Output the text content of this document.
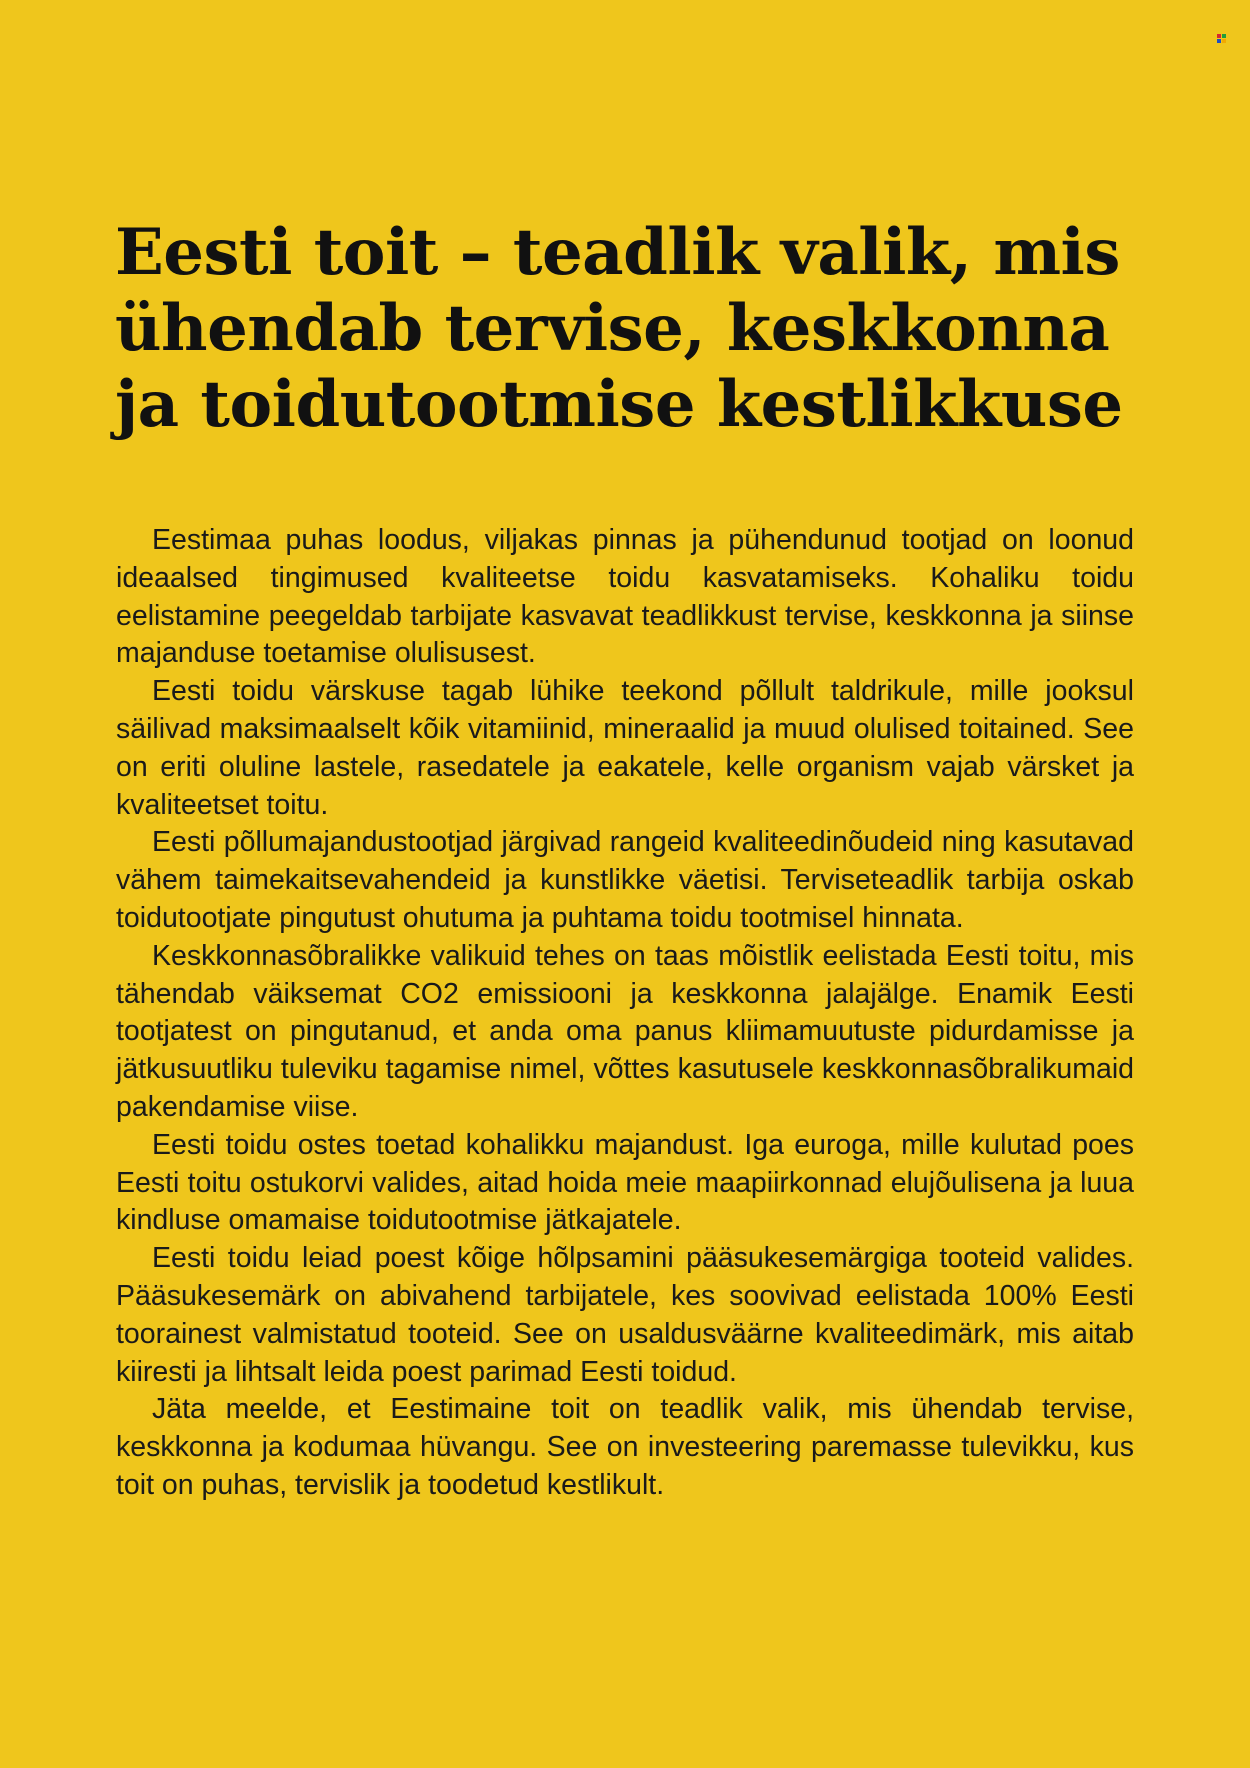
Eesti toit – teadlik valik, mis
ühendab tervise, keskkonna
ja toidutootmise kestlikkuse

Eestimaa puhas loodus, viljakas pinnas ja pühendunud tootjad on loonud ideaalsed tingimused kvaliteetse toidu kasvatamiseks. Kohaliku toidu eelistamine peegeldab tarbijate kasvavat teadlikkust tervise, keskkonna ja siinse majanduse toetamise olulisusest.

Eesti toidu värskuse tagab lühike teekond põllult taldrikule, mille jooksul säilivad maksimaalselt kõik vitamiinid, mineraalid ja muud olulised toitained. See on eriti oluline lastele, rasedatele ja eakatele, kelle organism vajab värsket ja kvaliteetset toitu.

Eesti põllumajandustootjad järgivad rangeid kvaliteedinõudeid ning kasutavad vähem taimekaitsevahendeid ja kunstlikke väetisi. Terviseteadlik tarbija oskab toidutootjate pingutust ohutuma ja puhtama toidu tootmisel hinnata.

Keskkonnasõbralikke valikuid tehes on taas mõistlik eelistada Eesti toitu, mis tähendab väiksemat CO2 emissiooni ja keskkonna jalajälge. Enamik Eesti tootjatest on pingutanud, et anda oma panus kliimamuutuste pidurdamisse ja jätkusuutliku tuleviku tagamise nimel, võttes kasutusele keskkonnasõbralikumaid pakendamise viise.

Eesti toidu ostes toetad kohalikku majandust. Iga euroga, mille kulutad poes Eesti toitu ostukorvi valides, aitad hoida meie maapiirkonnad elujõulisena ja luua kindluse omamaise toidutootmise jätkajatele.

Eesti toidu leiad poest kõige hõlpsamini pääsukesemärgiga tooteid valides. Pääsukesemärk on abivahend tarbijatele, kes soovivad eelistada 100% Eesti toorainest valmistatud tooteid. See on usaldusväärne kvaliteedimärk, mis aitab kiiresti ja lihtsalt leida poest parimad Eesti toidud.

Jäta meelde, et Eestimaine toit on teadlik valik, mis ühendab tervise, keskkonna ja kodumaa hüvangu. See on investeering paremasse tulevikku, kus toit on puhas, tervislik ja toodetud kestlikult.
